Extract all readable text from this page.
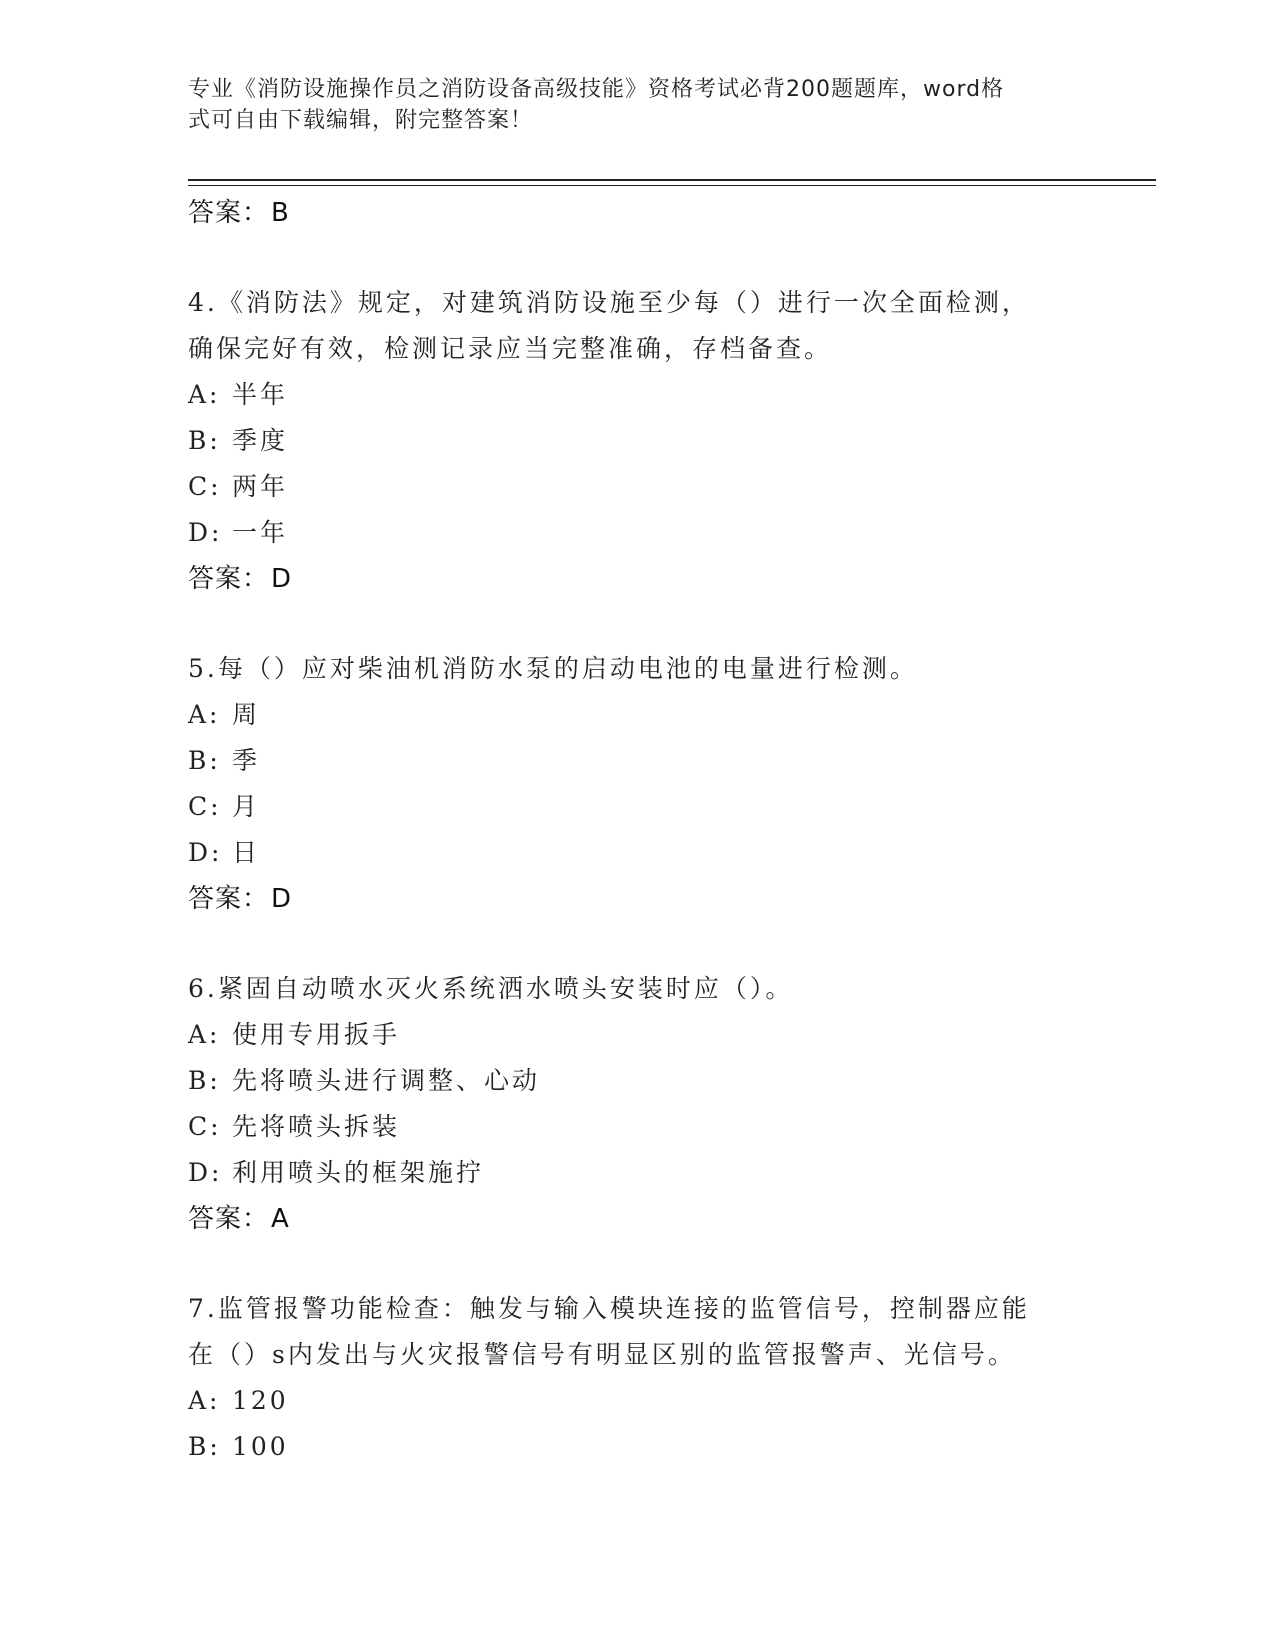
专业《消防设施操作员之消防设备高级技能》资格考试必背200题题库，word格
式可自由下载编辑，附完整答案！
答案：B
4.《消防法》规定，对建筑消防设施至少每（）进行一次全面检测，
确保完好有效，检测记录应当完整准确，存档备查。
A: 半年
B: 季度
C: 两年
D: 一年
答案：D
5.每（）应对柴油机消防水泵的启动电池的电量进行检测。
A: 周
B: 季
C: 月
D: 日
答案：D
6.紧固自动喷水灭火系统洒水喷头安装时应（）。
A: 使用专用扳手
B: 先将喷头进行调整、心动
C: 先将喷头拆装
D: 利用喷头的框架施拧
答案：A
7.监管报警功能检查：触发与输入模块连接的监管信号，控制器应能
在（）s内发出与火灾报警信号有明显区别的监管报警声、光信号。
A: 120
B: 100
